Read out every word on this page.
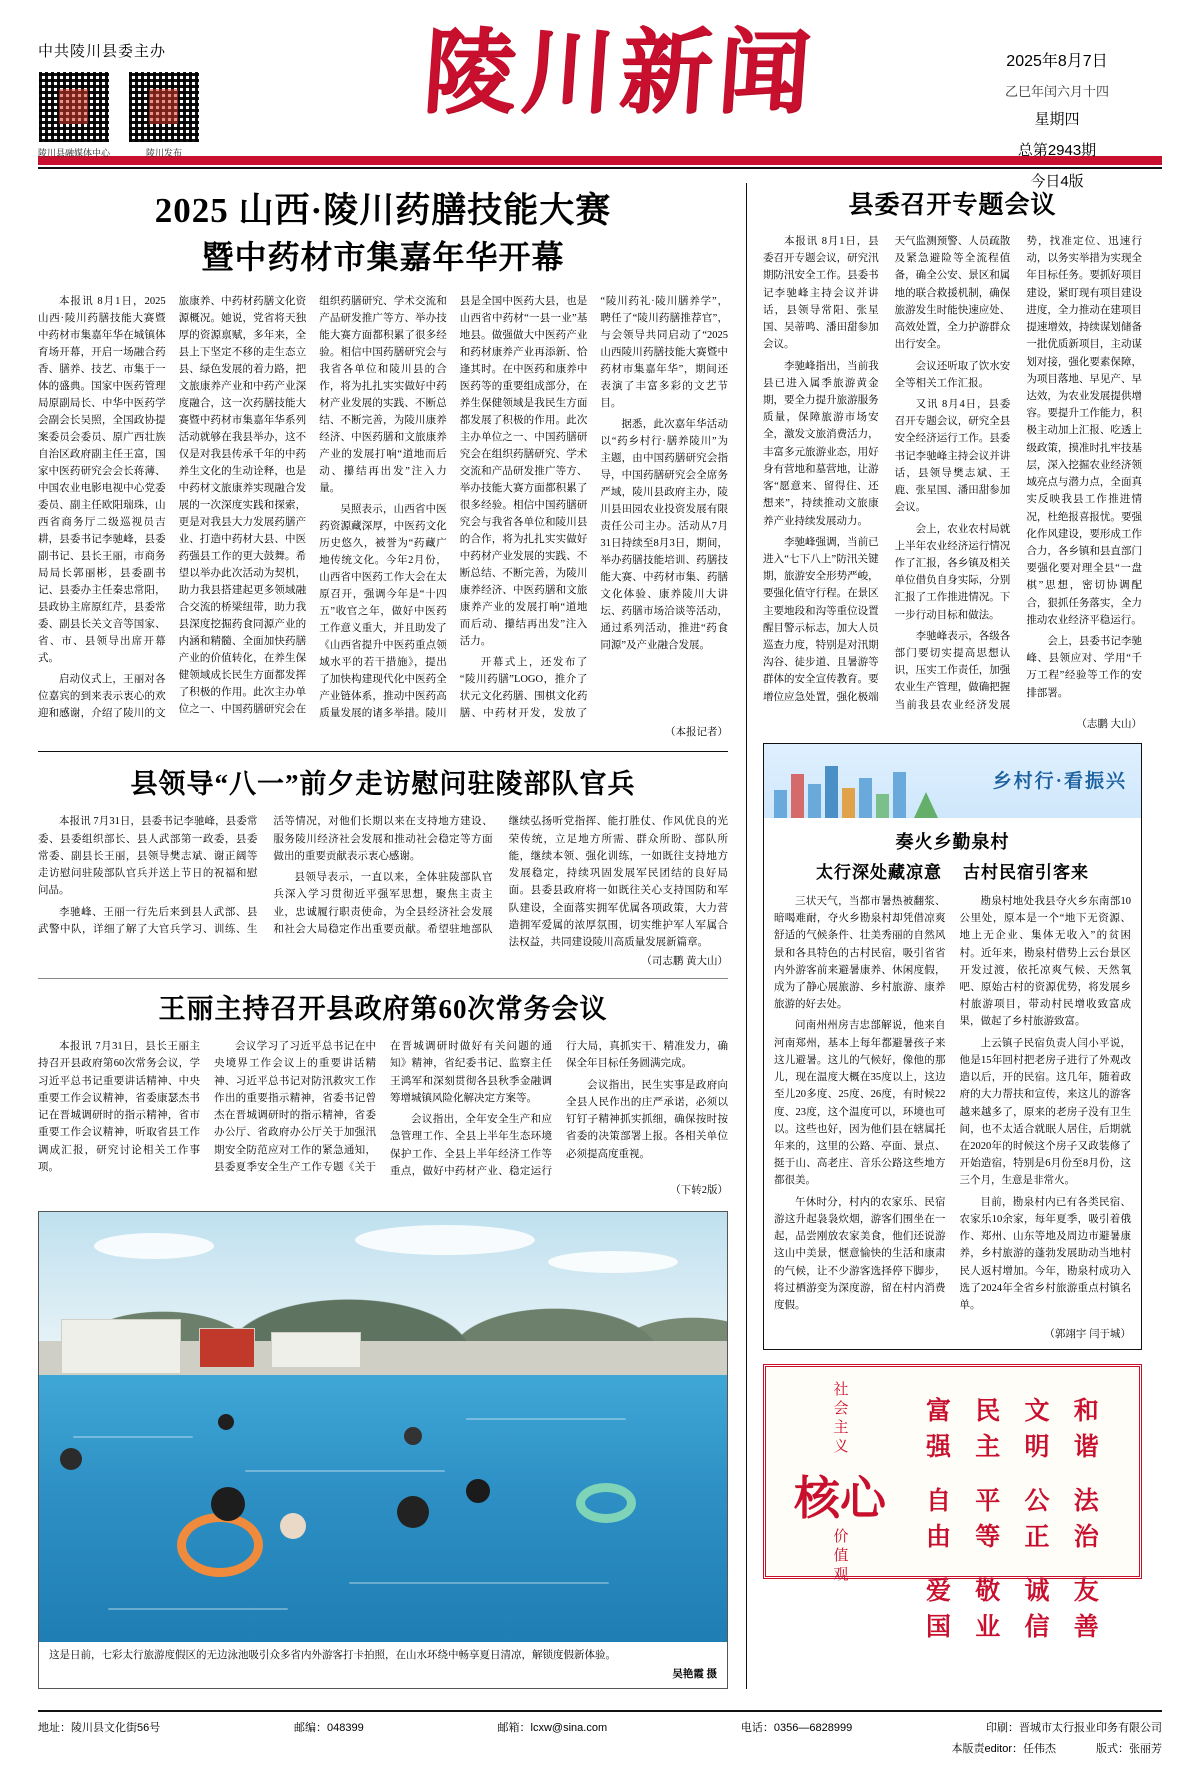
中共陵川县委主办
陵川县融媒体中心	陵川发布
陵川新闻	2025年8月7日
乙巳年闰六月十四
星期四
总第2943期
今日4版
2025 山西·陵川药膳技能大赛
暨中药材市集嘉年华开幕

本报讯 8月1日，2025 山西·陵川药膳技能大赛暨中药材市集嘉年华在城镇体育场开幕，开启一场融合药香、膳养、技艺、市集于一体的盛典。国家中医药管理局原副局长、中华中医药学会副会长吴照，全国政协提案委员会委员、原广西壮族自治区政府副主任王富，国家中医药研究会会长蒋薄、中国农业电影电视中心党委委员、副主任欧阳瑞珠，山西省商务厅二级巡视员吉耕，县委书记李驰峰，县委副书记、县长王丽，市商务局局长郭丽彬，县委副书记、县委办主任秦忠常阳，县政协主席原红芹，县委常委、副县长关文音等国家、省、市、县领导出席开幕式。

启动仪式上，王丽对各位嘉宾的到来表示衷心的欢迎和感谢，介绍了陵川的文旅康养、中药材药膳文化资源概况。她说，党省将天独厚的资源禀赋，多年来，全县上下坚定不移的走生态立县、绿色发展的着力路，把文旅康养产业和中药产业深度融合，这一次药膳技能大赛暨中药材市集嘉年华系列活动就够在我县举办，这不仅是对我县传承千年的中药养生文化的生动诠释，也是中药材文旅康养实现融合发展的一次深度实践和探索，更是对我县大力发展药膳产业、打造中药材大县、中医药强县工作的更大鼓舞。希望以举办此次活动为契机，助力我县搭建起更多领域融合交流的桥梁纽带，助力我县深度挖掘药食同源产业的内涵和精髓、全面加快药膳产业的价值转化，在养生保健领域成长民生方面都发挥了积极的作用。此次主办单位之一、中国药膳研究会在组织药膳研究、学术交流和产品研发推广等方、举办技能大赛方面都积累了很多经验。相信中国药膳研究会与我省各单位和陵川县的合作，将为扎扎实实做好中药材产业发展的实践、不断总结、不断完善，为陵川康养经济、中医药膳和文旅康养产业的发展打响“道地而后动、攥结再出发”注入力量。

吴照表示，山西省中医药资源藏深厚，中医药文化历史悠久，被誉为“药藏广地传统文化。今年2月份，山西省中医药工作大会在太原召开，强调今年是“十四五”收官之年，做好中医药工作意义重大，并且助发了《山西省提升中医药重点领域水平的若干措施》，提出了加快构建现代化中医药全产业链体系，推动中医药高质量发展的诸多举措。陵川县是全国中医药大县，也是山西省中药材“一县一业”基地县。做强做大中医药产业和药材康养产业再添新、恰逢其时。在中医药和康养中医药等的重要组成部分，在养生保健领域是我民生方面都发展了积极的作用。此次主办单位之一、中国药膳研究会在组织药膳研究、学术交流和产品研发推广等方、举办技能大赛方面都积累了很多经验。相信中国药膳研究会与我省各单位和陵川县的合作，将为扎扎实实做好中药材产业发展的实践、不断总结、不断完善，为陵川康养经济、中医药膳和文旅康养产业的发展打响“道地而后动、攥结再出发”注入活力。

开幕式上，还发布了“陵川药膳”LOGO，推介了状元文化药膳、围棋文化药膳、中药材开发，发放了“陵川药礼·陵川膳养学”，聘任了“陵川药膳推荐官”，与会领导共同启动了“2025山西陵川药膳技能大赛暨中药材市集嘉年华”，期间还表演了丰富多彩的文艺节目。

据悉，此次嘉年华活动以“药乡村行·膳养陵川”为主题，由中国药膳研究会指导，中国药膳研究会全席务严域，陵川县政府主办，陵川县田园农业投资发展有限责任公司主办。活动从7月31日持续至8月3日，期间，举办药膳技能培训、药膳技能大赛、中药材市集、药膳文化体验、康养陵川大讲坛、药膳市场洽谈等活动，通过系列活动，推进“药食同源”及产业融合发展。

（本报记者）
县领导“八一”前夕走访慰问驻陵部队官兵

本报讯 7月31日，县委书记李驰峰，县委常委、县委组织部长、县人武部第一政委，县委常委、副县长王丽，县领导樊志斌、谢正阔等走访慰问驻陵部队官兵并送上节日的祝福和慰问品。

李驰峰、王丽一行先后来到县人武部、县武警中队，详细了解了大官兵学习、训练、生活等情况，对他们长期以来在支持地方建设、服务陵川经济社会发展和推动社会稳定等方面做出的重要贡献表示衷心感谢。

县领导表示，一直以来，全体驻陵部队官兵深入学习贯彻近平强军思想，聚焦主责主业，忠诚履行职责使命，为全县经济社会发展和社会大局稳定作出重要贡献。希望驻地部队继续弘扬听党指挥、能打胜仗、作风优良的光荣传统，立足地方所需、群众所盼、部队所能，继续本领、强化训练，一如既往支持地方发展稳定，持续巩固发展军民团结的良好局面。县委县政府将一如既往关心支持国防和军队建设，全面落实拥军优属各项政策，大力营造拥军爱属的浓厚氛围，切实维护军人军属合法权益，共同建设陵川高质量发展新篇章。

（司志鹏 黄大山）
王丽主持召开县政府第60次常务会议

本报讯 7月31日，县长王丽主持召开县政府第60次常务会议，学习近平总书记重要讲话精神、中央重要工作会议精神，省委康瑟杰书记在晋城调研时的指示精神，省市重要工作会议精神，听取省县工作调成汇报，研究讨论相关工作事项。

会议学习了习近平总书记在中央境界工作会议上的重要讲话精神、习近平总书记对防汛救灾工作作出的重要指示精神，省委书记曾杰在晋城调研时的指示精神，省委办公厅、省政府办公厅关于加强汛期安全防范应对工作的紧急通知，县委夏季安全生产工作专题《关于在晋城调研时做好有关问题的通知》精神，省纪委书记、监察主任王鸿军和深刻贯彻各县秋季金融调筹增城镇风险化解决定方案等。

会议指出，全年安全生产和应急管理工作、全县上半年生态环境保护工作、全县上半年经济工作等重点，做好中药材产业、稳定运行行大局，真抓实干、精准发力，确保全年目标任务圆满完成。

会议指出，民生实事是政府向全县人民作出的庄严承诺，必须以钉钉子精神抓实抓细，确保按时按省委的决策部署上报。各相关单位必须提高度重视。

（下转2版）
这是日前，七彩太行旅游度假区的无边泳池吸引众多省内外游客打卡拍照，在山水环绕中畅享夏日清凉，解锁度假新体验。
吴艳霞 摄
县委召开专题会议

本报讯 8月1日，县委召开专题会议，研究汛期防汛安全工作。县委书记李驰峰主持会议并讲话，县领导常阳、张星国、吴蒂鸣、潘田甜参加会议。

李驰峰指出，当前我县已进入属季旅游黄金期，要全力提升旅游服务质量，保障旅游市场安全，激发文旅消费活力，丰富多元旅游业态，用好身有营地和墓营地，让游客“愿意来、留得住、还想来”，持续推动文旅康养产业持续发展动力。

李驰峰强调，当前已进入“七下八上”防汛关键期，旅游安全形势严峻，要强化值守行程。在景区主要地段和沟等重位设置醒目警示标志，加大人员巡查力度，特别是对汛期沟谷、徒步道、且暑游等群体的安全宣传教育。要增位应急处置，强化极端天气监测预警、人员疏散及紧急避险等全流程值备，确全公安、景区和属地的联合救援机制，确保旅游发生时能快速应处、高效处置，全力护游群众出行安全。

会议还听取了饮水安全等相关工作汇报。

又讯 8月4日，县委召开专题会议，研究全县安全经济运行工作。县委书记李驰峰主持会议并讲话，县领导樊志斌、王鹿、张星国、潘田甜参加会议。

会上，农业农村局就上半年农业经济运行情况作了汇报，各乡镇及相关单位借负自身实际，分别汇报了工作推进情况。下一步行动目标和做法。

李驰峰表示，各级各部门要切实提高思想认识，压实工作责任，加强农业生产管理，做确把握当前我县农业经济发展势，找准定位、迅速行动，以务实举措为实现全年目标任务。要抓好项目建设，紧盯现有项目建设进度，全力推动在建项目提速增效，持续谋划储备一批优质新项目，主动谋划对接，强化要素保障，为项目落地、早见产、早达效，为农业发展提供增容。要提升工作能力，积极主动加上汇报、吃透上级政策，摸准时扎牢技基层，深入挖掘农业经济领域亮点与潜力点，全面真实反映我县工作推进情况，杜绝报喜报忧。要强化作风建设，要形成工作合力，各乡镇和县直部门要强化要对理全县“一盘棋”思想，密切协调配合，狠抓任务落实，全力推动农业经济平稳运行。

会上，县委书记李驰峰、县领应对、学用“千万工程”经验等工作的安排部署。

（志鹏 大山）
乡村行·看振兴
奏火乡勤泉村
太行深处藏凉意 古村民宿引客来

三状天气，当都市暑热被翻浆、暗喝难耐，夺火乡勘泉村却凭借凉爽舒适的气候条件、壮美秀丽的自然风景和各具特色的古村民宿，吸引省省内外游客前来避暑康养、休闲度假，成为了静心展旅游、乡村旅游、康养旅游的好去处。

问南州州房吉忠部解说，他来自河南郑州，基本上每年都避暑孩子来这儿避暑。这儿的气候好，像他的那儿，现在温度大概在35度以上，这边至儿20多度、25度、26度，有时候22度、23度，这个温度可以，环境也可以。这些也好，因为他们县在辖属托年来的，这里的公路、亭面、景点、挺于山、高老庄、音乐公路这些地方都很美。

午休时分，村内的农家乐、民宿游这升起袅袅炊烟，游客们围坐在一起，品尝刚放农家美食，他们还说游这山中美景，惬意愉快的生活和康肃的气候，让不少游客选择停下脚步，将过栖游变为深度游，留在村内消费度假。

勘泉村地处我县夺火乡东南部10公里处，原本是一个“地下无资源、地上无企业、集体无收入”的贫困村。近年来，勘泉村借势上云台景区开发过渡，依托凉爽气候、天然氧吧、原始古村的资源优势，将发展乡村旅游项目，带动村民增收致富成果，做起了乡村旅游致富。

上云镇子民宿负责人闫小平说，他是15年回村把老房子进行了外观改造以后，开的民宿。这几年，随着政府的大力帮扶和宣传，来这儿的游客越来越多了，原来的老房子没有卫生间，也不太适合就眠人居住，后期就在2020年的时候这个房子又政装修了开始造宿，特别是6月份至8月份，这三个月，生意是非常火。

目前，勘泉村内已有各类民宿、农家乐10余家，每年夏季，吸引着俄作、郑州、山东等地及周边市避暑康养，乡村旅游的蓬勃发展助动当地村民人返村增加。今年，勘泉村成功入选了2024年全省乡村旅游重点村镇名单。

（郭翊宇 闫于城）
社会主义
核心
价值观
富强
民主
文明
和谐
自由
平等
公正
法治
爱国
敬业
诚信
友善
地址：陵川县文化街56号	邮编：048399	邮箱：lcxw@sina.com	电话：0356—6828999	印刷：晋城市太行报业印务有限公司
本版责editor：任伟杰	版式：张丽芳
